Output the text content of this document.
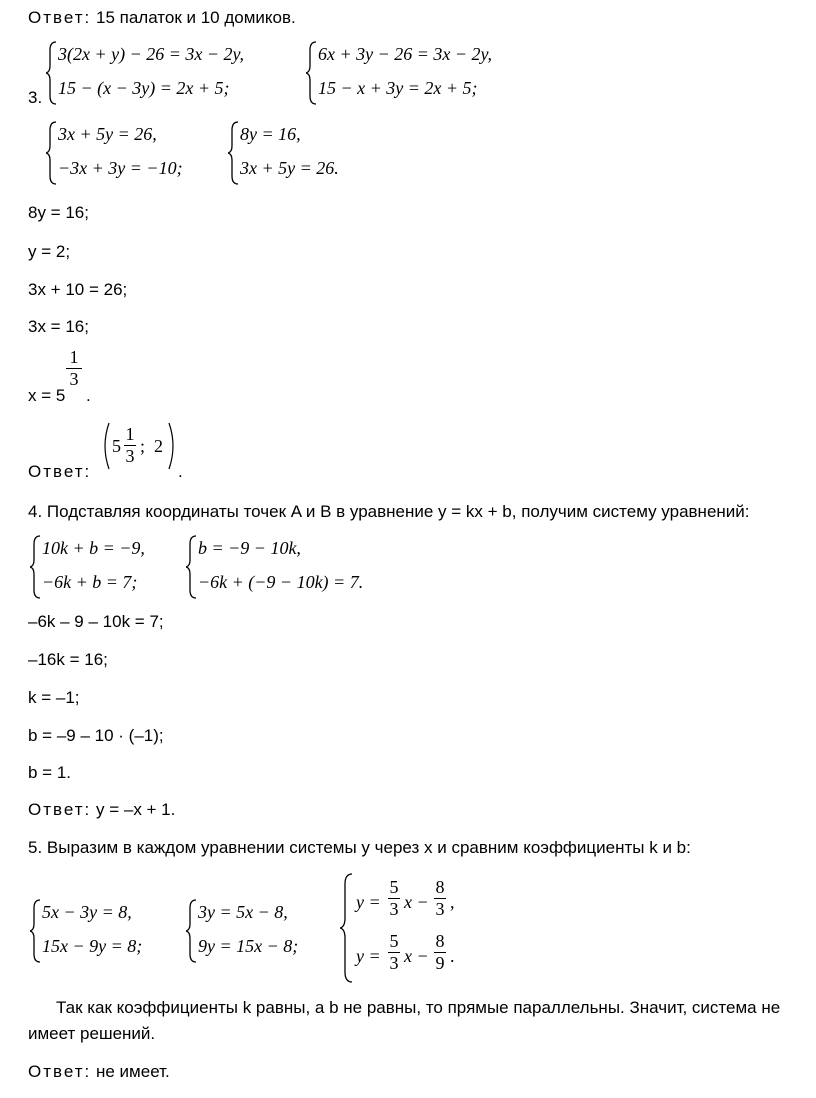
Ответ: 15 палаток и 10 домиков.
3.
3(2x + y) − 26 = 3x − 2y,
15 − (x − 3y) = 2x + 5;
6x + 3y − 26 = 3x − 2y,
15 − x + 3y = 2x + 5;
3x + 5y = 26,
−3x + 3y = −10;
8y = 16,
3x + 5y = 26.
8y = 16;
y = 2;
3x + 10 = 26;
3x = 16;
x = 5
$\frac{1}{3}$
.
Ответ:
$5 \frac{1}{3}$ ; 2
.
4. Подставляя координаты точек A и B в уравнение y = kx + b, получим систему уравнений:
10k + b = −9,
−6k + b = 7;
b = −9 − 10k,
−6k + (−9 − 10k) = 7.
–6k – 9 – 10k = 7;
–16k = 16;
k = –1;
b = –9 – 10 · (–1);
b = 1.
Ответ: y = –x + 1.
5. Выразим в каждом уравнении системы y через x и сравним коэффициенты k и b:
5x − 3y = 8,
15x − 9y = 8;
3y = 5x − 8,
9y = 15x − 8;
$y = \frac{5}{3}$ $x - \frac{8}{3}$ ,
$y = \frac{5}{3}$ $x - \frac{8}{9}$ .
Так как коэффициенты k равны, а b не равны, то прямые параллельны. Значит, система не
имеет решений.
Ответ: не имеет.
